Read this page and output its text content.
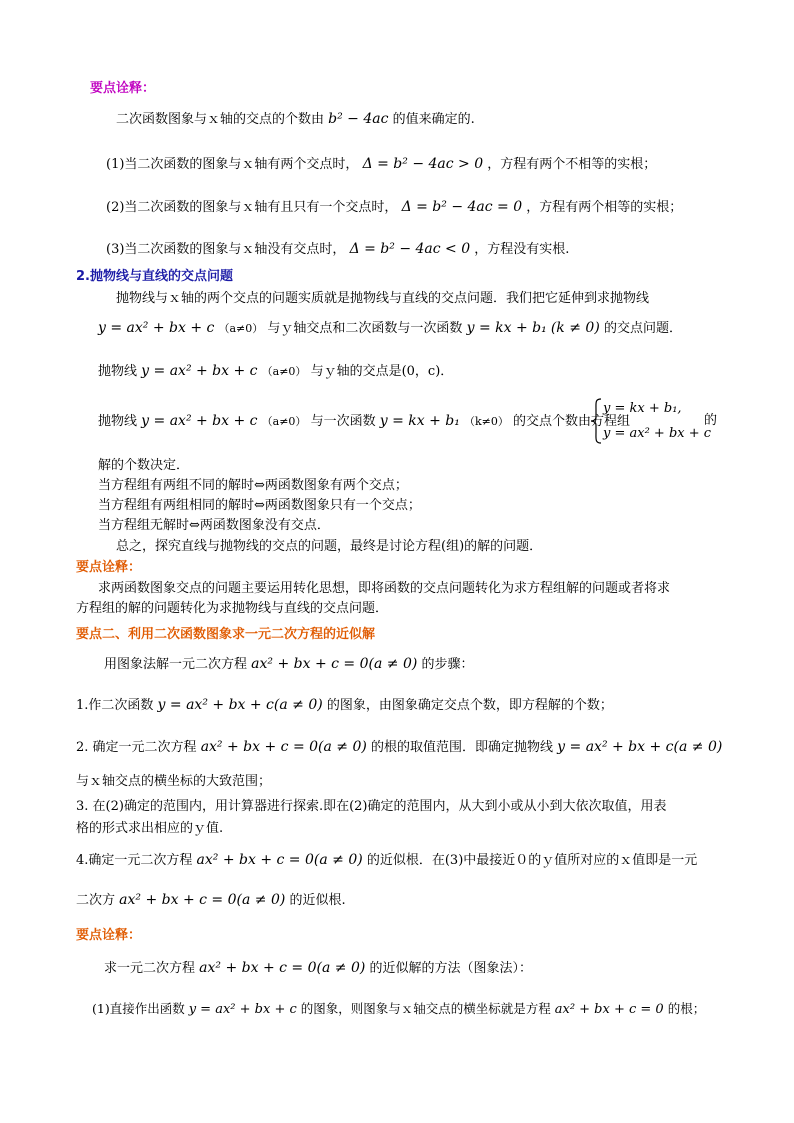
要点诠释：
二次函数图象与ｘ轴的交点的个数由 b² − 4ac 的值来确定的.
(1)当二次函数的图象与ｘ轴有两个交点时， Δ = b² − 4ac > 0 ，方程有两个不相等的实根；
(2)当二次函数的图象与ｘ轴有且只有一个交点时， Δ = b² − 4ac = 0 ，方程有两个相等的实根；
(3)当二次函数的图象与ｘ轴没有交点时， Δ = b² − 4ac < 0 ，方程没有实根.
2.抛物线与直线的交点问题
抛物线与ｘ轴的两个交点的问题实质就是抛物线与直线的交点问题．我们把它延伸到求抛物线
y = ax² + bx + c （a≠0） 与ｙ轴交点和二次函数与一次函数 y = kx + b₁ (k ≠ 0) 的交点问题．
抛物线 y = ax² + bx + c （a≠0） 与ｙ轴的交点是(0，c)．
抛物线 y = ax² + bx + c （a≠0） 与一次函数 y = kx + b₁ （k≠0） 的交点个数由方程组
y = kx + b₁,
y = ax² + bx + c
的
解的个数决定．
当方程组有两组不同的解时⇔两函数图象有两个交点；
当方程组有两组相同的解时⇔两函数图象只有一个交点；
当方程组无解时⇔两函数图象没有交点．
总之，探究直线与抛物线的交点的问题，最终是讨论方程(组)的解的问题．
要点诠释：
求两函数图象交点的问题主要运用转化思想，即将函数的交点问题转化为求方程组解的问题或者将求
方程组的解的问题转化为求抛物线与直线的交点问题．
要点二、利用二次函数图象求一元二次方程的近似解
用图象法解一元二次方程 ax² + bx + c = 0(a ≠ 0) 的步骤：
1.作二次函数 y = ax² + bx + c(a ≠ 0) 的图象，由图象确定交点个数，即方程解的个数；
2. 确定一元二次方程 ax² + bx + c = 0(a ≠ 0) 的根的取值范围．即确定抛物线 y = ax² + bx + c(a ≠ 0)
与ｘ轴交点的横坐标的大致范围；
3. 在(2)确定的范围内，用计算器进行探索.即在(2)确定的范围内，从大到小或从小到大依次取值，用表
格的形式求出相应的ｙ值.
4.确定一元二次方程 ax² + bx + c = 0(a ≠ 0) 的近似根．在(3)中最接近０的ｙ值所对应的ｘ值即是一元
二次方 ax² + bx + c = 0(a ≠ 0) 的近似根.
要点诠释：
求一元二次方程 ax² + bx + c = 0(a ≠ 0) 的近似解的方法（图象法）：
(1)直接作出函数 y = ax² + bx + c 的图象，则图象与ｘ轴交点的横坐标就是方程 ax² + bx + c = 0 的根；
